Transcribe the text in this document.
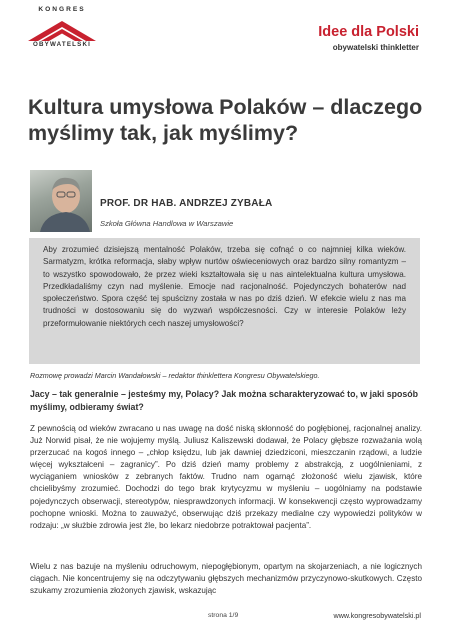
KONGRES
OBYWATELSKI
Idee dla Polski
obywatelski thinkletter
Kultura umysłowa Polaków – dlaczego myślimy tak, jak myślimy?
PROF. DR HAB. ANDRZEJ ZYBAŁA
Szkoła Główna Handlowa w Warszawie
Aby zrozumieć dzisiejszą mentalność Polaków, trzeba się cofnąć o co najmniej kilka wieków. Sarmatyzm, krótka reformacja, słaby wpływ nurtów oświeceniowych oraz bardzo silny romantyzm – to wszystko spowodowało, że przez wieki kształtowała się u nas aintelektualna kultura umysłowa. Przedkładaliśmy czyn nad myślenie. Emocje nad racjonalność. Pojedynczych bohaterów nad społeczeństwo. Spora część tej spuścizny została w nas po dziś dzień. W efekcie wielu z nas ma trudności w dostosowaniu się do wyzwań współczesności. Czy w interesie Polaków leży przeformułowanie niektórych cech naszej umysłowości?
Rozmowę prowadzi Marcin Wandałowski – redaktor thinklettera Kongresu Obywatelskiego.

Jacy – tak generalnie – jesteśmy my, Polacy? Jak można scharakteryzować to, w jaki sposób myślimy, odbieramy świat?

Z pewnością od wieków zwracano u nas uwagę na dość niską skłonność do pogłębionej, racjonalnej analizy. Już Norwid pisał, że nie wojujemy myślą. Juliusz Kaliszewski dodawał, że Polacy głębsze rozważania wolą przerzucać na kogoś innego – „chłop księdzu, lub jak dawniej dziedziconi, mieszczanin rządowi, a ludzie więcej wykształceni – zagranicy”. Po dziś dzień mamy problemy z abstrakcją, z uogólnieniami, z wyciąganiem wniosków z zebranych faktów. Trudno nam ogarnąć złożoność wielu zjawisk, które chcielibyśmy zrozumieć. Dochodzi do tego brak krytycyzmu w myśleniu – uogólniamy na podstawie pojedynczych obserwacji, stereotypów, niesprawdzonych informacji. W konsekwencji często wyprowadzamy pochopne wnioski. Można to zauważyć, obserwując dziś przekazy medialne czy wypowiedzi polityków w rodzaju: „w służbie zdrowia jest źle, bo lekarz niedobrze potraktował pacjenta”.

Wielu z nas bazuje na myśleniu odruchowym, niepogłębionym, opartym na skojarzeniach, a nie logicznych ciągach. Nie koncentrujemy się na odczytywaniu głębszych mechanizmów przyczynowo-skutkowych. Często szukamy zrozumienia złożonych zjawisk, wskazując

strona 1/9	www.kongresobywatelski.pl
